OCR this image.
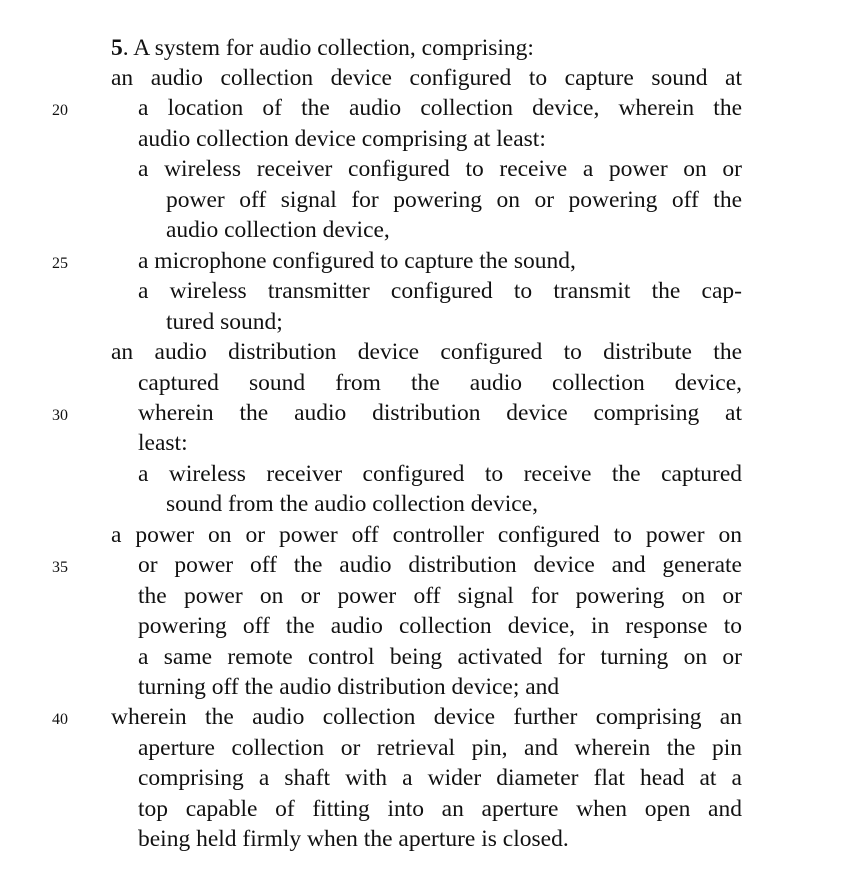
20
25
30
35
40
5. A system for audio collection, comprising:
an audio collection device configured to capture sound at
a location of the audio collection device, wherein the
audio collection device comprising at least:
a wireless receiver configured to receive a power on or
power off signal for powering on or powering off the
audio collection device,
a microphone configured to capture the sound,
a wireless transmitter configured to transmit the cap-
tured sound;
an audio distribution device configured to distribute the
captured sound from the audio collection device,
wherein the audio distribution device comprising at
least:
a wireless receiver configured to receive the captured
sound from the audio collection device,
a power on or power off controller configured to power on
or power off the audio distribution device and generate
the power on or power off signal for powering on or
powering off the audio collection device, in response to
a same remote control being activated for turning on or
turning off the audio distribution device; and
wherein the audio collection device further comprising an
aperture collection or retrieval pin, and wherein the pin
comprising a shaft with a wider diameter flat head at a
top capable of fitting into an aperture when open and
being held firmly when the aperture is closed.
